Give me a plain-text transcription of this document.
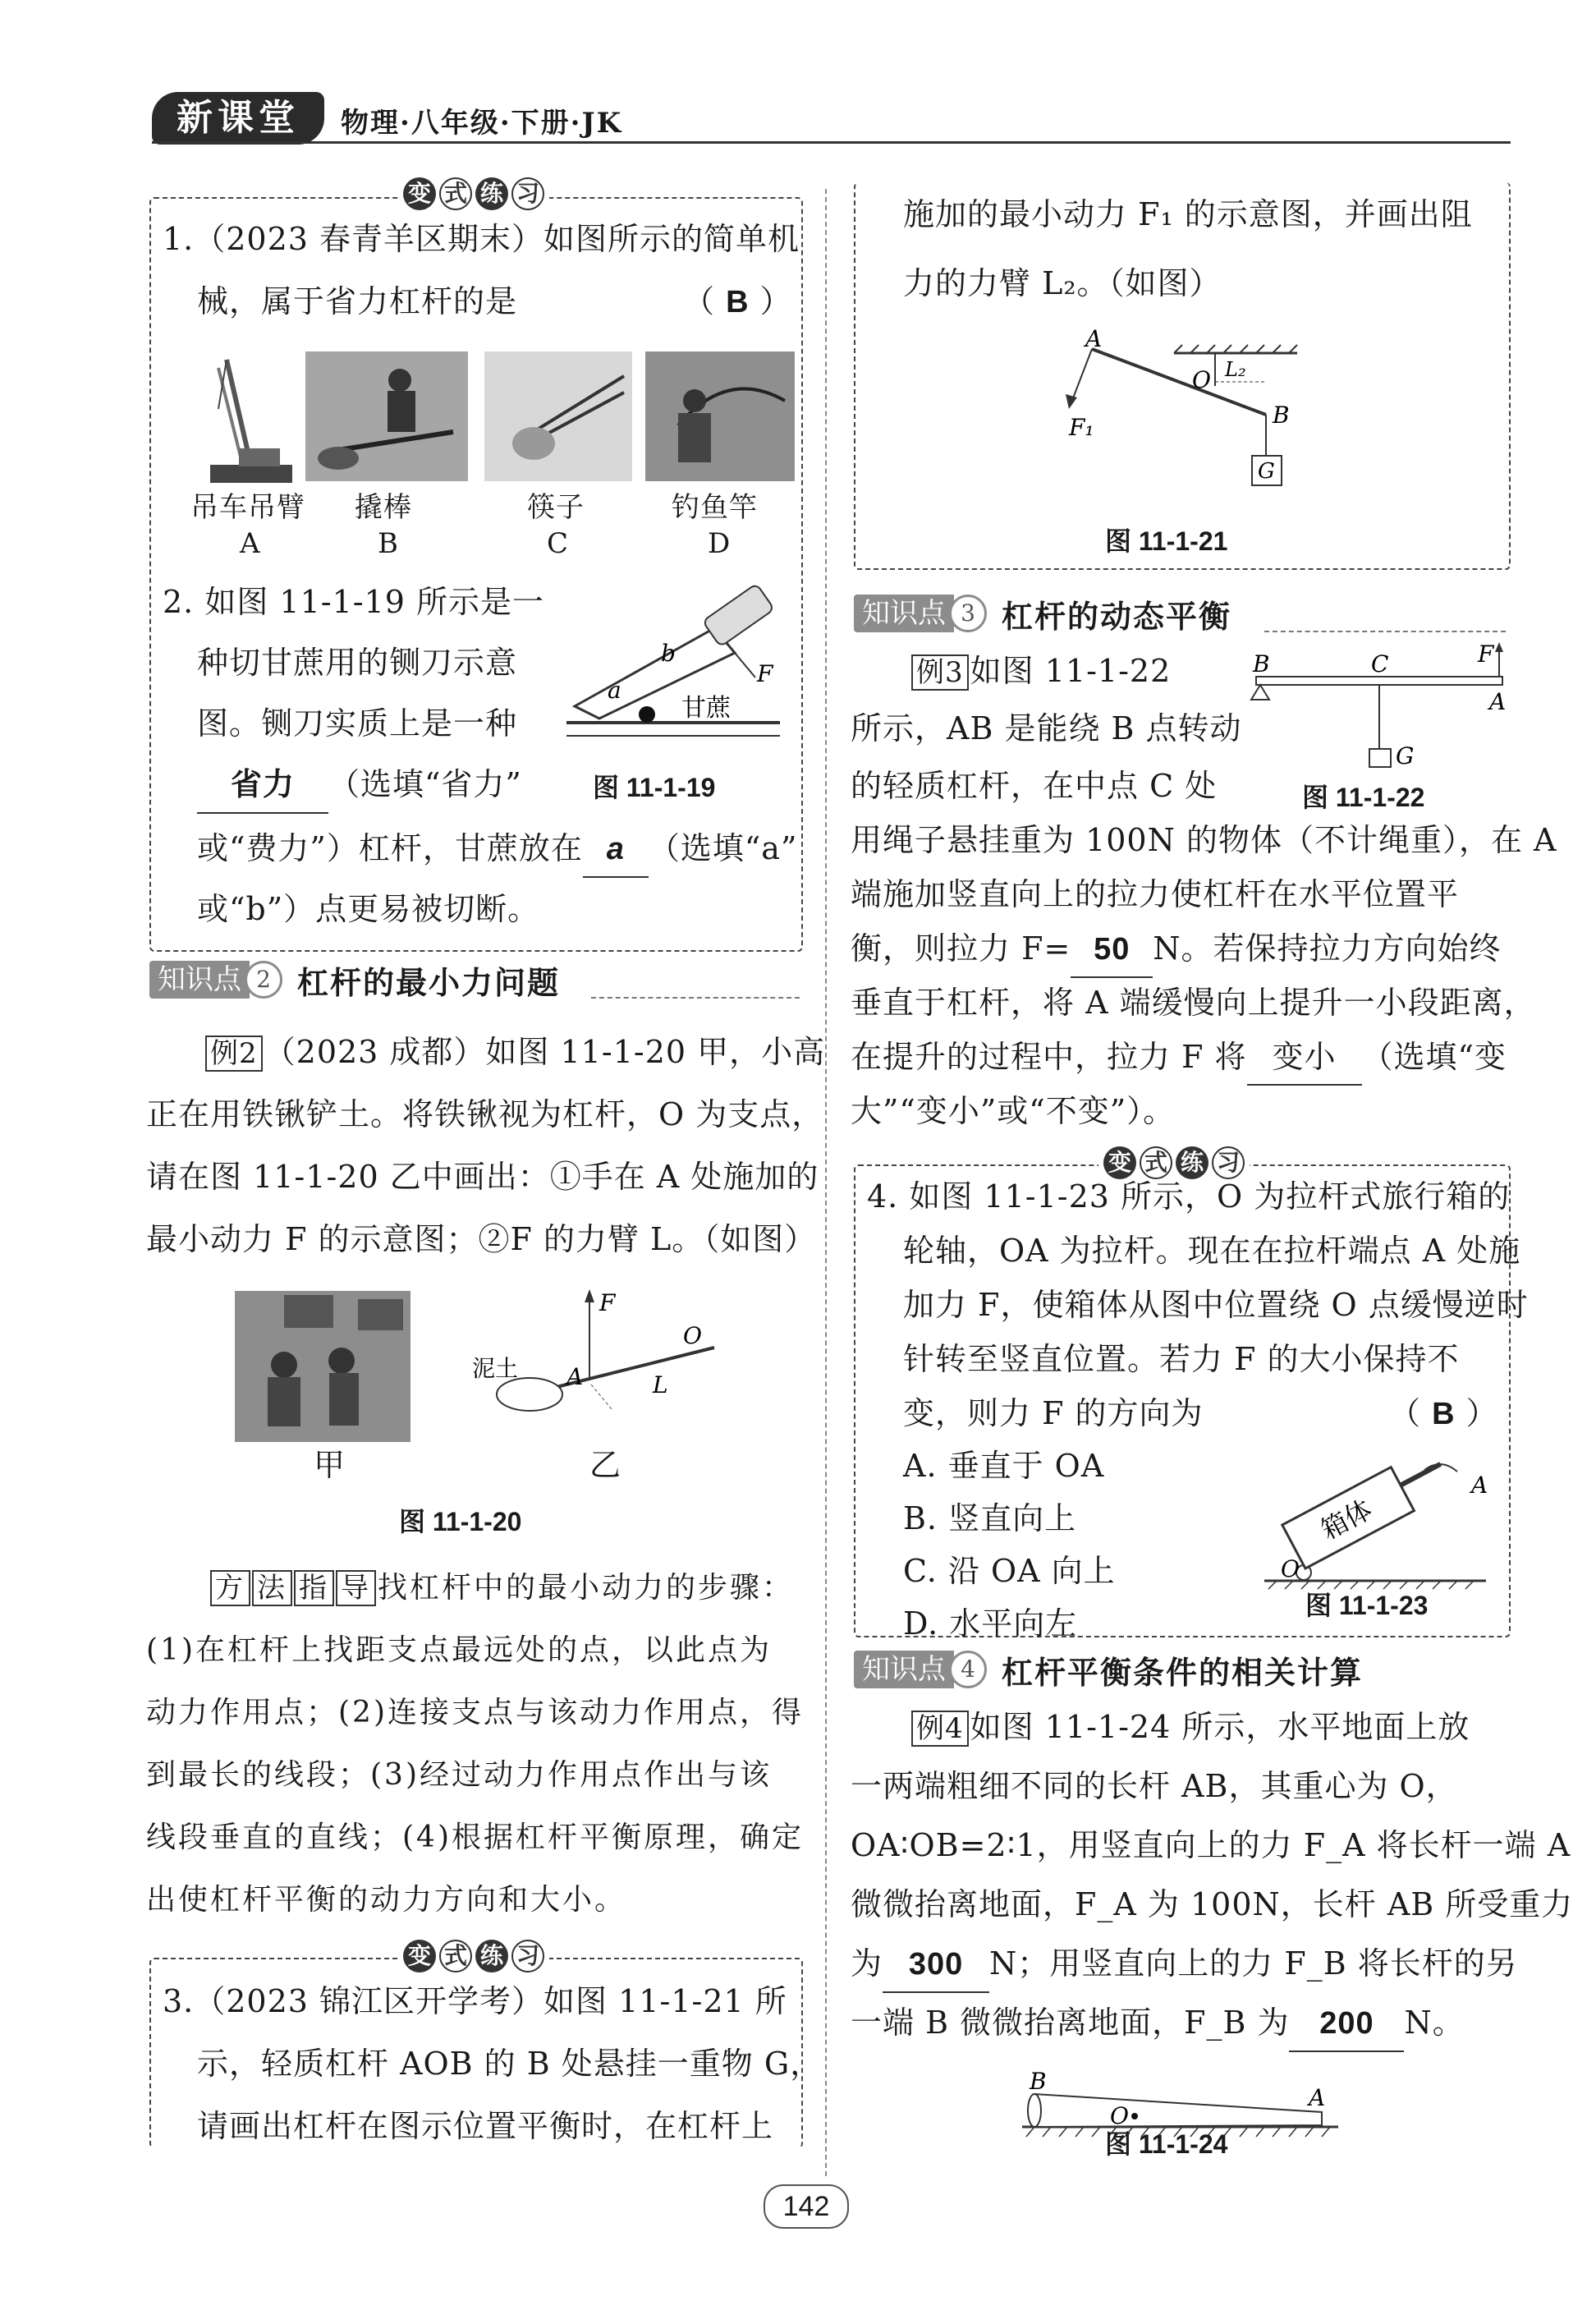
新课堂	物理·八年级·下册·JK
变 式 练 习
1.（2023 春青羊区期末）如图所示的简单机
械，属于省力杠杆的是	（ B ）
吊车吊臂
A
撬棒
B
筷子
C
钓鱼竿
D
2. 如图 11-1-19 所示是一
种切甘蔗用的铡刀示意
图。铡刀实质上是一种
省力 （选填“省力”
或“费力”）杠杆，甘蔗放在 a （选填“a”
或“b”）点更易被切断。
a
b
F
甘蔗
图 11-1-19
知识点 2 杠杆的最小力问题
例2 （2023 成都）如图 11-1-20 甲，小高
正在用铁锹铲土。将铁锹视为杠杆，O 为支点，
请在图 11-1-20 乙中画出：①手在 A 处施加的
最小动力 F 的示意图；②F 的力臂 L。（如图）
甲
F
A
O
L
泥土
乙
图 11-1-20
方 法 指 导 找杠杆中的最小动力的步骤：
(1)在杠杆上找距支点最远处的点，以此点为
动力作用点；(2)连接支点与该动力作用点，得
到最长的线段；(3)经过动力作用点作出与该
线段垂直的直线；(4)根据杠杆平衡原理，确定
出使杠杆平衡的动力方向和大小。
变 式 练 习
3.（2023 锦江区开学考）如图 11-1-21 所
示，轻质杠杆 AOB 的 B 处悬挂一重物 G，
请画出杠杆在图示位置平衡时，在杠杆上
施加的最小动力 F₁ 的示意图，并画出阻
力的力臂 L₂。（如图）
A
O
B
F₁
L₂
G
图 11-1-21
知识点 3 杠杆的动态平衡
例3 如图 11-1-22
所示，AB 是能绕 B 点转动
的轻质杠杆，在中点 C 处
B	C	F
A
G
图 11-1-22
用绳子悬挂重为 100N 的物体（不计绳重），在 A
端施加竖直向上的拉力使杠杆在水平位置平
衡，则拉力 F= 50 N。若保持拉力方向始终
垂直于杠杆，将 A 端缓慢向上提升一小段距离，
在提升的过程中，拉力 F 将 变小 （选填“变
大”“变小”或“不变”）。
变 式 练 习
4. 如图 11-1-23 所示，O 为拉杆式旅行箱的
轮轴，OA 为拉杆。现在在拉杆端点 A 处施
加力 F，使箱体从图中位置绕 O 点缓慢逆时
针转至竖直位置。若力 F 的大小保持不
变，则力 F 的方向为	（ B ）
A. 垂直于 OA
B. 竖直向上
C. 沿 OA 向上
D. 水平向左
箱体
O
A
图 11-1-23
知识点 4 杠杆平衡条件的相关计算
例4 如图 11-1-24 所示，水平地面上放
一两端粗细不同的长杆 AB，其重心为 O，
OA∶OB=2∶1，用竖直向上的力 F_A 将长杆一端 A
微微抬离地面，F_A 为 100N，长杆 AB 所受重力
为 300 N；用竖直向上的力 F_B 将长杆的另
一端 B 微微抬离地面，F_B 为 200 N。
B
O
A
图 11-1-24
142
